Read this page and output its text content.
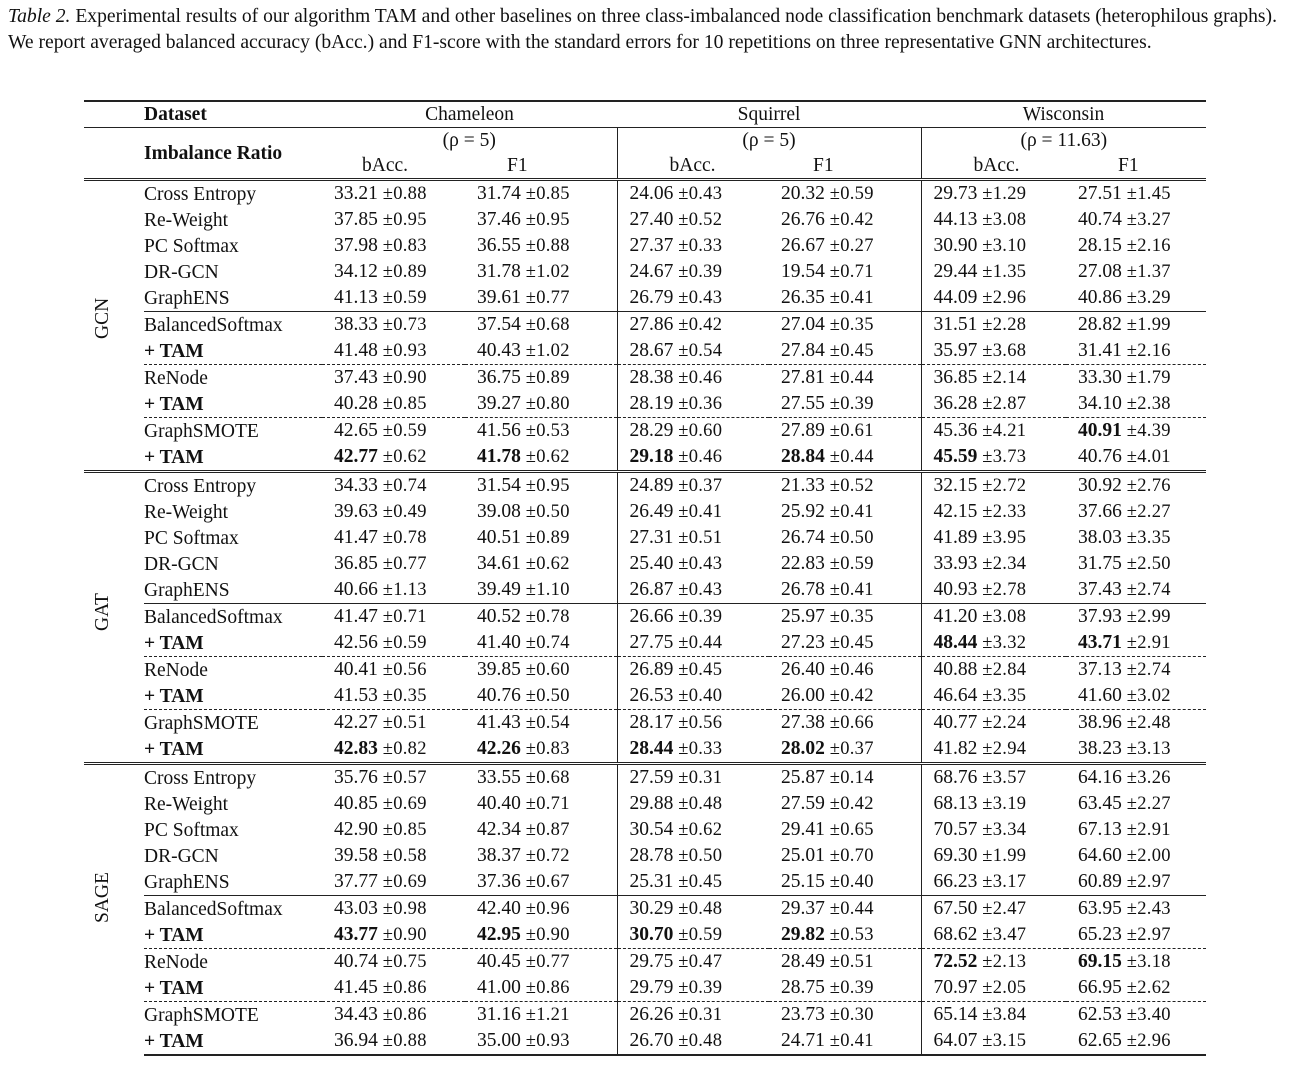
Table 2. Experimental results of our algorithm TAM and other baselines on three class-imbalanced node classification benchmark datasets (heterophilous graphs). We report averaged balanced accuracy (bAcc.) and F1-score with the standard errors for 10 repetitions on three representative GNN architectures.
	Dataset	Chameleon		Squirrel		Wisconsin	
	Imbalance Ratio	(ρ = 5)		(ρ = 5)		(ρ = 11.63)	
		bAcc.	F1	bAcc.	F1	bAcc.	F1

GCN	Cross Entropy	33.21 ±0.88	31.74 ±0.85	24.06 ±0.43	20.32 ±0.59	29.73 ±1.29	27.51 ±1.45
	Re-Weight	37.85 ±0.95	37.46 ±0.95	27.40 ±0.52	26.76 ±0.42	44.13 ±3.08	40.74 ±3.27
	PC Softmax	37.98 ±0.83	36.55 ±0.88	27.37 ±0.33	26.67 ±0.27	30.90 ±3.10	28.15 ±2.16
	DR-GCN	34.12 ±0.89	31.78 ±1.02	24.67 ±0.39	19.54 ±0.71	29.44 ±1.35	27.08 ±1.37
	GraphENS	41.13 ±0.59	39.61 ±0.77	26.79 ±0.43	26.35 ±0.41	44.09 ±2.96	40.86 ±3.29
	BalancedSoftmax	38.33 ±0.73	37.54 ±0.68	27.86 ±0.42	27.04 ±0.35	31.51 ±2.28	28.82 ±1.99
	+ TAM	41.48 ±0.93	40.43 ±1.02	28.67 ±0.54	27.84 ±0.45	35.97 ±3.68	31.41 ±2.16
	ReNode	37.43 ±0.90	36.75 ±0.89	28.38 ±0.46	27.81 ±0.44	36.85 ±2.14	33.30 ±1.79
	+ TAM	40.28 ±0.85	39.27 ±0.80	28.19 ±0.36	27.55 ±0.39	36.28 ±2.87	34.10 ±2.38
	GraphSMOTE	42.65 ±0.59	41.56 ±0.53	28.29 ±0.60	27.89 ±0.61	45.36 ±4.21	40.91 ±4.39
	+ TAM	42.77 ±0.62	41.78 ±0.62	29.18 ±0.46	28.84 ±0.44	45.59 ±3.73	40.76 ±4.01

GAT	Cross Entropy	34.33 ±0.74	31.54 ±0.95	24.89 ±0.37	21.33 ±0.52	32.15 ±2.72	30.92 ±2.76
	Re-Weight	39.63 ±0.49	39.08 ±0.50	26.49 ±0.41	25.92 ±0.41	42.15 ±2.33	37.66 ±2.27
	PC Softmax	41.47 ±0.78	40.51 ±0.89	27.31 ±0.51	26.74 ±0.50	41.89 ±3.95	38.03 ±3.35
	DR-GCN	36.85 ±0.77	34.61 ±0.62	25.40 ±0.43	22.83 ±0.59	33.93 ±2.34	31.75 ±2.50
	GraphENS	40.66 ±1.13	39.49 ±1.10	26.87 ±0.43	26.78 ±0.41	40.93 ±2.78	37.43 ±2.74
	BalancedSoftmax	41.47 ±0.71	40.52 ±0.78	26.66 ±0.39	25.97 ±0.35	41.20 ±3.08	37.93 ±2.99
	+ TAM	42.56 ±0.59	41.40 ±0.74	27.75 ±0.44	27.23 ±0.45	48.44 ±3.32	43.71 ±2.91
	ReNode	40.41 ±0.56	39.85 ±0.60	26.89 ±0.45	26.40 ±0.46	40.88 ±2.84	37.13 ±2.74
	+ TAM	41.53 ±0.35	40.76 ±0.50	26.53 ±0.40	26.00 ±0.42	46.64 ±3.35	41.60 ±3.02
	GraphSMOTE	42.27 ±0.51	41.43 ±0.54	28.17 ±0.56	27.38 ±0.66	40.77 ±2.24	38.96 ±2.48
	+ TAM	42.83 ±0.82	42.26 ±0.83	28.44 ±0.33	28.02 ±0.37	41.82 ±2.94	38.23 ±3.13

SAGE	Cross Entropy	35.76 ±0.57	33.55 ±0.68	27.59 ±0.31	25.87 ±0.14	68.76 ±3.57	64.16 ±3.26
	Re-Weight	40.85 ±0.69	40.40 ±0.71	29.88 ±0.48	27.59 ±0.42	68.13 ±3.19	63.45 ±2.27
	PC Softmax	42.90 ±0.85	42.34 ±0.87	30.54 ±0.62	29.41 ±0.65	70.57 ±3.34	67.13 ±2.91
	DR-GCN	39.58 ±0.58	38.37 ±0.72	28.78 ±0.50	25.01 ±0.70	69.30 ±1.99	64.60 ±2.00
	GraphENS	37.77 ±0.69	37.36 ±0.67	25.31 ±0.45	25.15 ±0.40	66.23 ±3.17	60.89 ±2.97
	BalancedSoftmax	43.03 ±0.98	42.40 ±0.96	30.29 ±0.48	29.37 ±0.44	67.50 ±2.47	63.95 ±2.43
	+ TAM	43.77 ±0.90	42.95 ±0.90	30.70 ±0.59	29.82 ±0.53	68.62 ±3.47	65.23 ±2.97
	ReNode	40.74 ±0.75	40.45 ±0.77	29.75 ±0.47	28.49 ±0.51	72.52 ±2.13	69.15 ±3.18
	+ TAM	41.45 ±0.86	41.00 ±0.86	29.79 ±0.39	28.75 ±0.39	70.97 ±2.05	66.95 ±2.62
	GraphSMOTE	34.43 ±0.86	31.16 ±1.21	26.26 ±0.31	23.73 ±0.30	65.14 ±3.84	62.53 ±3.40
	+ TAM	36.94 ±0.88	35.00 ±0.93	26.70 ±0.48	24.71 ±0.41	64.07 ±3.15	62.65 ±2.96
